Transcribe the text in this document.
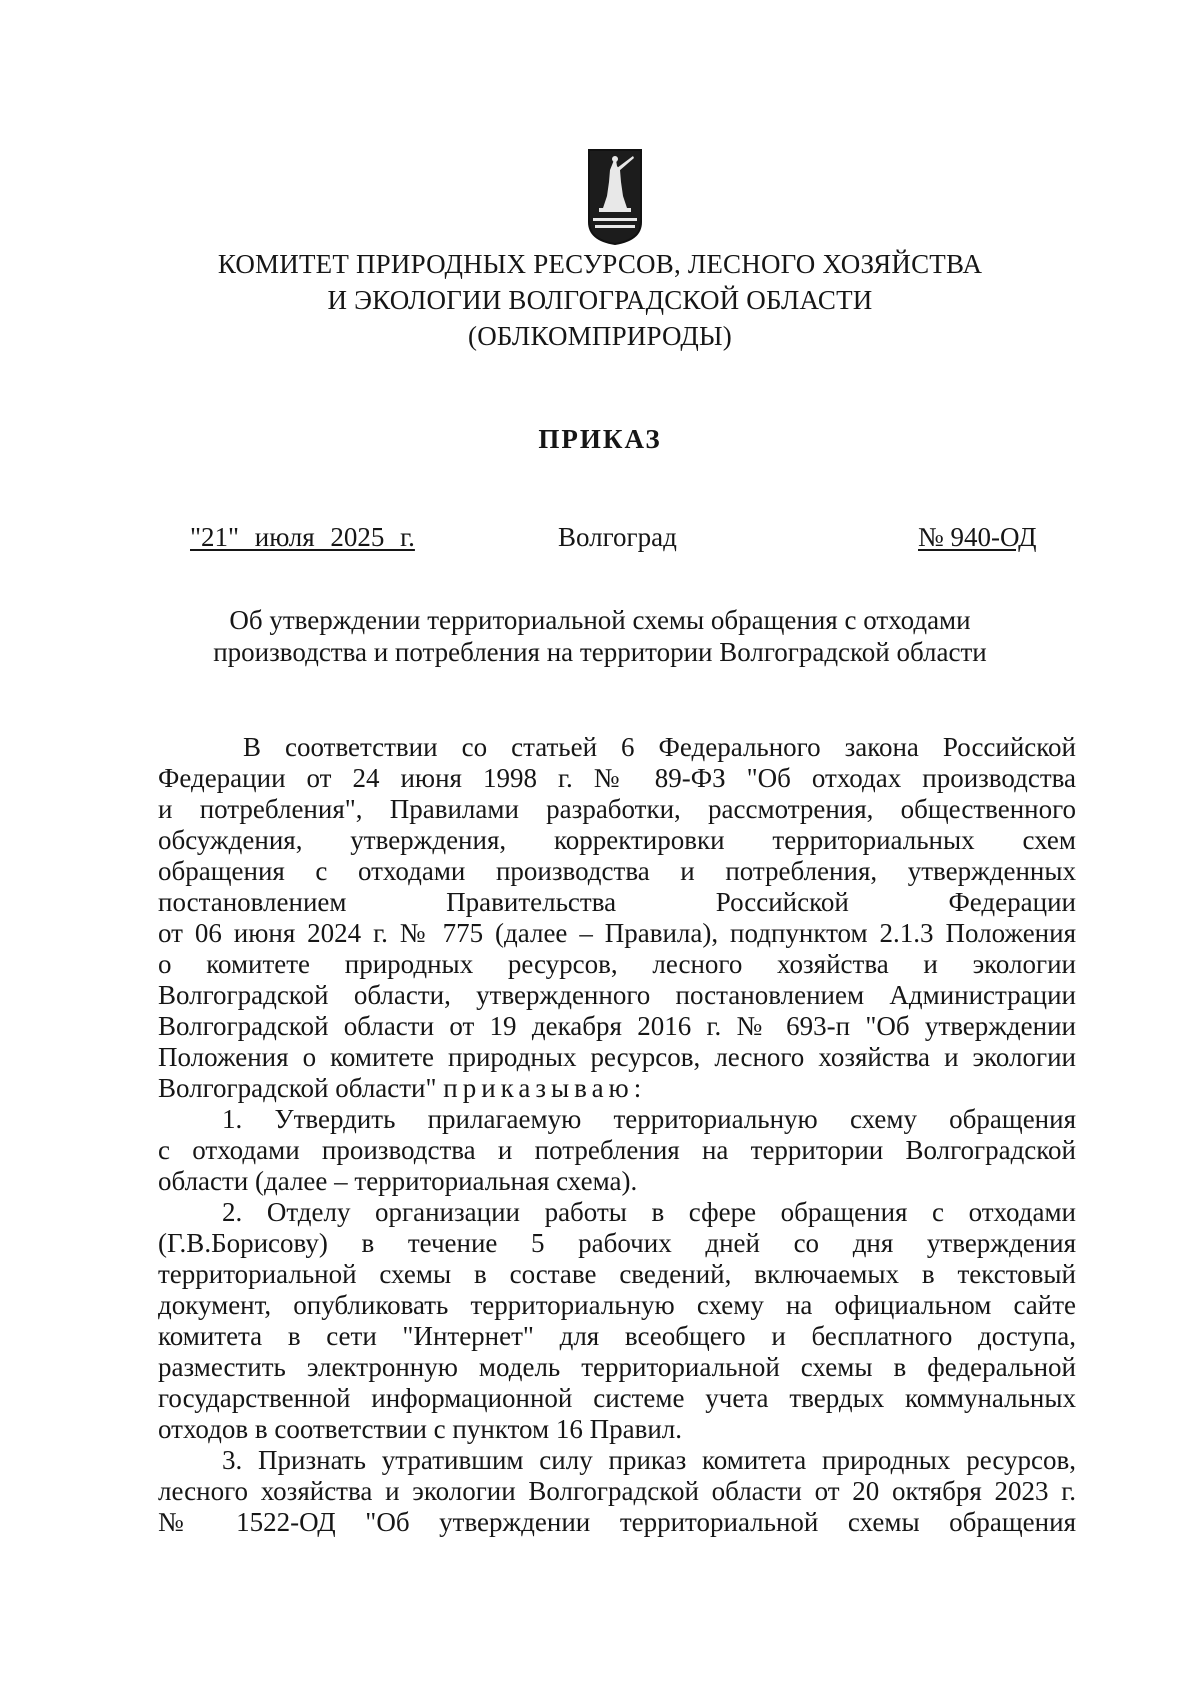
КОМИТЕТ ПРИРОДНЫХ РЕСУРСОВ, ЛЕСНОГО ХОЗЯЙСТВА
И ЭКОЛОГИИ ВОЛГОГРАДСКОЙ ОБЛАСТИ
(ОБЛКОМПРИРОДЫ)
ПРИКАЗ
"21" июля 2025 г.	Волгоград	№ 940-ОД
Об утверждении территориальной схемы обращения с отходами
производства и потребления на территории Волгоградской области
В соответствии со статьей 6 Федерального закона Российской
Федерации от 24 июня 1998 г. № 89-ФЗ "Об отходах производства
и потребления", Правилами разработки, рассмотрения, общественного
обсуждения, утверждения, корректировки территориальных схем
обращения с отходами производства и потребления, утвержденных
постановлением Правительства Российской Федерации
от 06 июня 2024 г. № 775 (далее – Правила), подпунктом 2.1.3 Положения
о комитете природных ресурсов, лесного хозяйства и экологии
Волгоградской области, утвержденного постановлением Администрации
Волгоградской области от 19 декабря 2016 г. № 693-п "Об утверждении
Положения о комитете природных ресурсов, лесного хозяйства и экологии
Волгоградской области" приказываю:
1. Утвердить прилагаемую территориальную схему обращения
с отходами производства и потребления на территории Волгоградской
области (далее – территориальная схема).
2. Отделу организации работы в сфере обращения с отходами
(Г.В.Борисову) в течение 5 рабочих дней со дня утверждения
территориальной схемы в составе сведений, включаемых в текстовый
документ, опубликовать территориальную схему на официальном сайте
комитета в сети "Интернет" для всеобщего и бесплатного доступа,
разместить электронную модель территориальной схемы в федеральной
государственной информационной системе учета твердых коммунальных
отходов в соответствии с пунктом 16 Правил.
3. Признать утратившим силу приказ комитета природных ресурсов,
лесного хозяйства и экологии Волгоградской области от 20 октября 2023 г.
№ 1522-ОД "Об утверждении территориальной схемы обращения
